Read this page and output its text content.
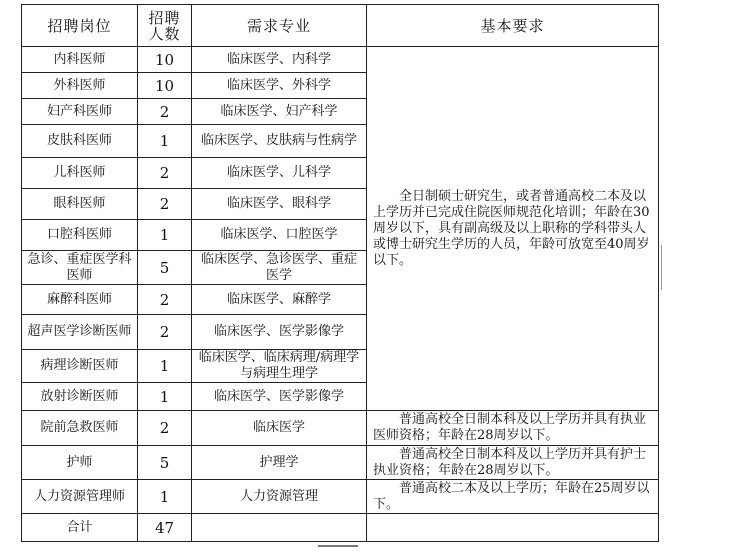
招聘岗位	招聘人数	需求专业	基本要求
内科医师	10	临床医学、内科学	全日制硕士研究生，或者普通高校二本及以上学历并已完成住院医师规范化培训；年龄在30周岁以下，具有副高级及以上职称的学科带头人或博士研究生学历的人员，年龄可放宽至40周岁以下。

外科医师	10	临床医学、外科学	
妇产科医师	2	临床医学、妇产科学	
皮肤科医师	1	临床医学、皮肤病与性病学	
儿科医师	2	临床医学、儿科学	
眼科医师	2	临床医学、眼科学	
口腔科医师	1	临床医学、口腔医学	
急诊、重症医学科医师	5	临床医学、急诊医学、重症医学	
麻醉科医师	2	临床医学、麻醉学	
超声医学诊断医师	2	临床医学、医学影像学	
病理诊断医师	1	临床医学、临床病理/病理学与病理生理学	
放射诊断医师	1	临床医学、医学影像学	
院前急救医师	2	临床医学	普通高校全日制本科及以上学历并具有执业医师资格；年龄在28周岁以下。

护师	5	护理学	普通高校全日制本科及以上学历并具有护士执业资格；年龄在28周岁以下。

人力资源管理师	1	人力资源管理	普通高校二本及以上学历；年龄在25周岁以下。

合计	47		
